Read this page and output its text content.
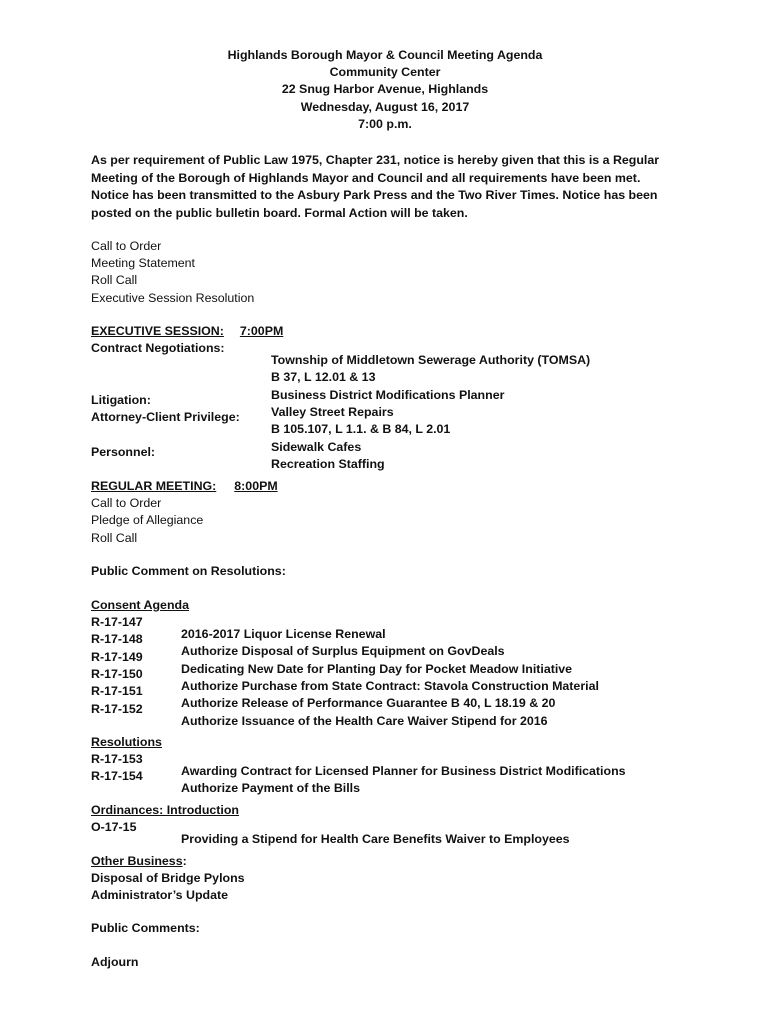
Highlands Borough Mayor & Council Meeting Agenda

Community Center

22 Snug Harbor Avenue, Highlands

Wednesday, August 16, 2017

7:00 p.m.

As per requirement of Public Law 1975, Chapter 231, notice is hereby given that this is a Regular Meeting of the Borough of Highlands Mayor and Council and all requirements have been met. Notice has been transmitted to the Asbury Park Press and the Two River Times. Notice has been posted on the public bulletin board. Formal Action will be taken.

Call to Order

Meeting Statement

Roll Call

Executive Session Resolution

EXECUTIVE SESSION: 7:00PM

Contract Negotiations:

Township of Middletown Sewerage Authority (TOMSA)

B 37, L 12.01 & 13

Business District Modifications Planner

Litigation:

Valley Street Repairs

Attorney-Client Privilege:

B 105.107, L 1.1. & B 84, L 2.01

Sidewalk Cafes

Personnel:

Recreation Staffing

REGULAR MEETING: 8:00PM

Call to Order

Pledge of Allegiance

Roll Call

Public Comment on Resolutions:

Consent Agenda

R-17-147

2016-2017 Liquor License Renewal

R-17-148

Authorize Disposal of Surplus Equipment on GovDeals

R-17-149

Dedicating New Date for Planting Day for Pocket Meadow Initiative

R-17-150

Authorize Purchase from State Contract: Stavola Construction Material

R-17-151

Authorize Release of Performance Guarantee B 40, L 18.19 & 20

R-17-152

Authorize Issuance of the Health Care Waiver Stipend for 2016

Resolutions

R-17-153

Awarding Contract for Licensed Planner for Business District Modifications

R-17-154

Authorize Payment of the Bills

Ordinances: Introduction

O-17-15

Providing a Stipend for Health Care Benefits Waiver to Employees

Other Business:

Disposal of Bridge Pylons

Administrator’s Update

Public Comments:

Adjourn
